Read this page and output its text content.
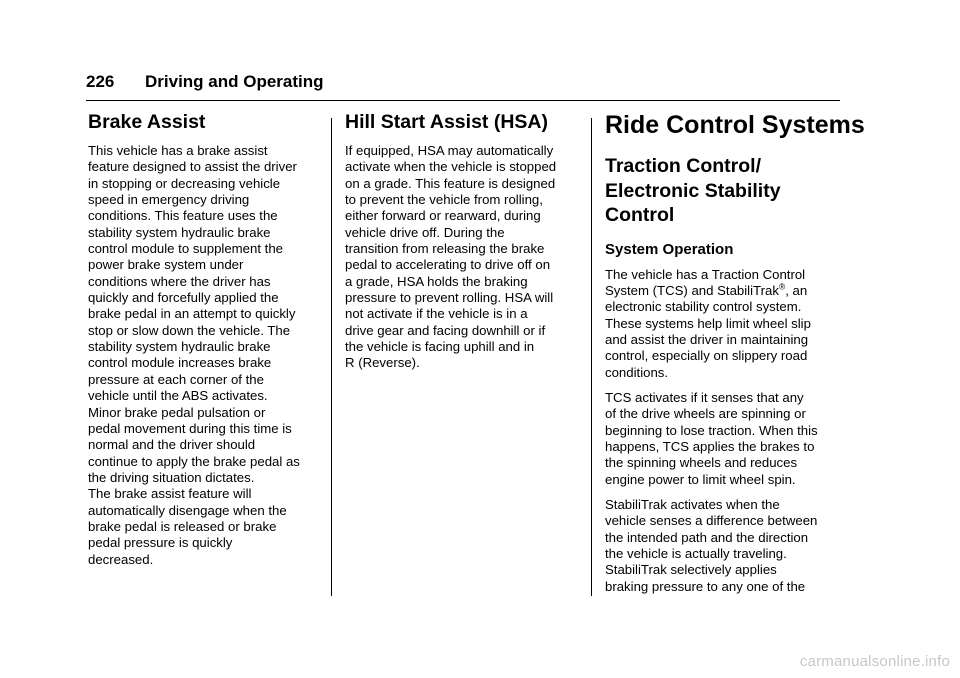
226 Driving and Operating
Brake Assist

This vehicle has a brake assist
feature designed to assist the driver
in stopping or decreasing vehicle
speed in emergency driving
conditions. This feature uses the
stability system hydraulic brake
control module to supplement the
power brake system under
conditions where the driver has
quickly and forcefully applied the
brake pedal in an attempt to quickly
stop or slow down the vehicle. The
stability system hydraulic brake
control module increases brake
pressure at each corner of the
vehicle until the ABS activates.
Minor brake pedal pulsation or
pedal movement during this time is
normal and the driver should
continue to apply the brake pedal as
the driving situation dictates.
The brake assist feature will
automatically disengage when the
brake pedal is released or brake
pedal pressure is quickly
decreased.

Hill Start Assist (HSA)

If equipped, HSA may automatically
activate when the vehicle is stopped
on a grade. This feature is designed
to prevent the vehicle from rolling,
either forward or rearward, during
vehicle drive off. During the
transition from releasing the brake
pedal to accelerating to drive off on
a grade, HSA holds the braking
pressure to prevent rolling. HSA will
not activate if the vehicle is in a
drive gear and facing downhill or if
the vehicle is facing uphill and in
R (Reverse).

Ride Control Systems
Traction Control/
Electronic Stability
Control
System Operation

The vehicle has a Traction Control
System (TCS) and StabiliTrak®, an
electronic stability control system.
These systems help limit wheel slip
and assist the driver in maintaining
control, especially on slippery road
conditions.

TCS activates if it senses that any
of the drive wheels are spinning or
beginning to lose traction. When this
happens, TCS applies the brakes to
the spinning wheels and reduces
engine power to limit wheel spin.

StabiliTrak activates when the
vehicle senses a difference between
the intended path and the direction
the vehicle is actually traveling.
StabiliTrak selectively applies
braking pressure to any one of the

carmanualsonline.info
